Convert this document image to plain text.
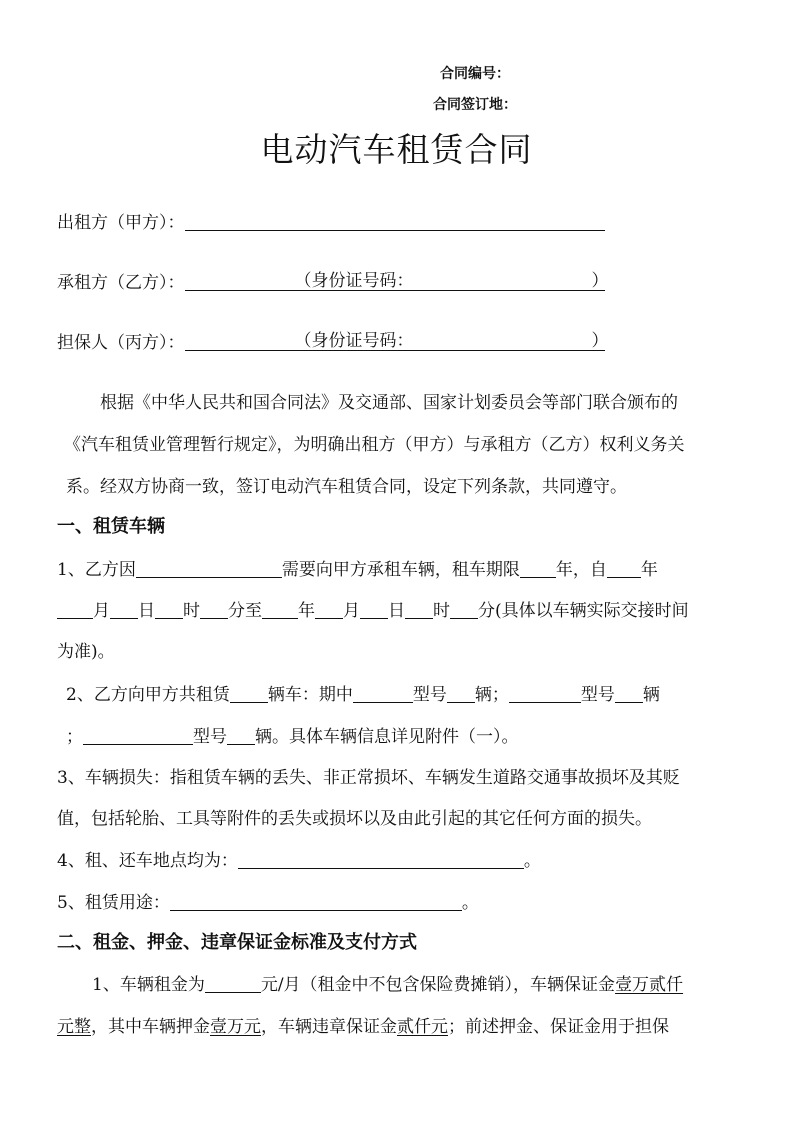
合同编号：
合同签订地：
电动汽车租赁合同
出租方（甲方）：
承租方（乙方）：	（身份证号码：	）
担保人（丙方）：	（身份证号码：	）
根据《中华人民共和国合同法》及交通部、国家计划委员会等部门联合颁布的
《汽车租赁业管理暂行规定》，为明确出租方（甲方）与承租方（乙方）权利义务关
系。经双方协商一致，签订电动汽车租赁合同，设定下列条款，共同遵守。
一、租赁车辆
1、乙方因	需要向甲方承租车辆，租车期限 年，自 年
月 日 时 分至 年 月 日 时 分(具体以车辆实际交接时间
为准)。
2、乙方向甲方共租赁 辆车：期中	型号 辆；	型号 辆
；	型号 辆。具体车辆信息详见附件（一）。
3、车辆损失：指租赁车辆的丢失、非正常损坏、车辆发生道路交通事故损坏及其贬
值，包括轮胎、工具等附件的丢失或损坏以及由此引起的其它任何方面的损失。
4、租、还车地点均为：	。
5、租赁用途：	。
二、租金、押金、违章保证金标准及支付方式
1、车辆租金为	元/月（租金中不包含保险费摊销），车辆保证金壹万贰仟
元整，其中车辆押金壹万元，车辆违章保证金贰仟元；前述押金、保证金用于担保
